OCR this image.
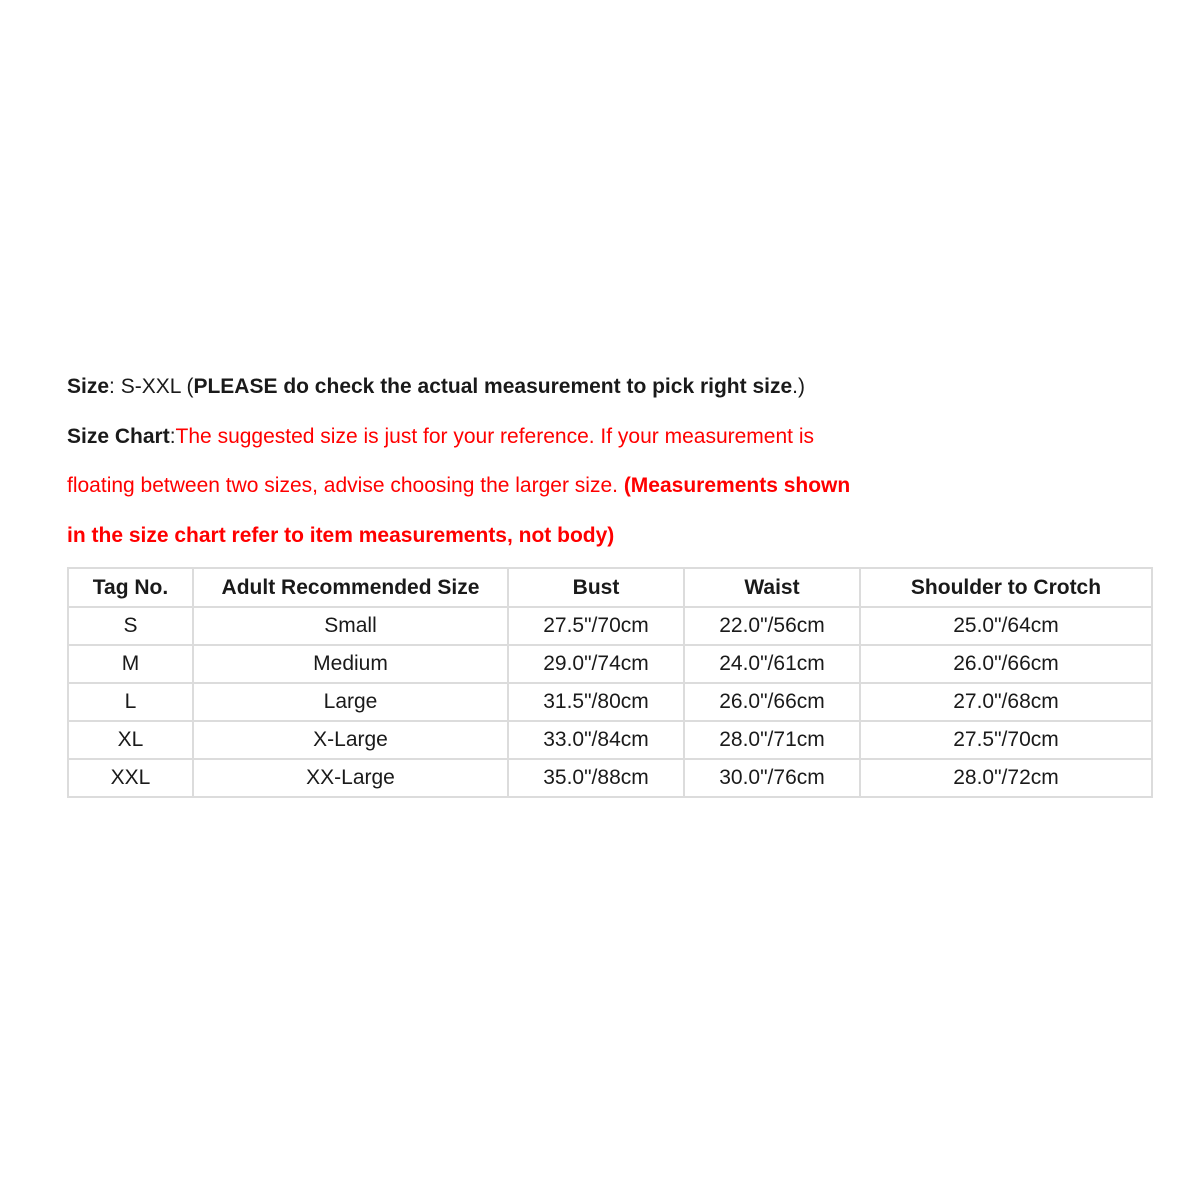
Size: S-XXL (PLEASE do check the actual measurement to pick right size.)
Size Chart:The suggested size is just for your reference. If your measurement is
floating between two sizes, advise choosing the larger size. (Measurements shown
in the size chart refer to item measurements, not body)
Tag No.	Adult Recommended Size	Bust	Waist	Shoulder to Crotch
S	Small	27.5"/70cm	22.0"/56cm	25.0"/64cm
M	Medium	29.0"/74cm	24.0"/61cm	26.0"/66cm
L	Large	31.5"/80cm	26.0"/66cm	27.0"/68cm
XL	X-Large	33.0"/84cm	28.0"/71cm	27.5"/70cm
XXL	XX-Large	35.0"/88cm	30.0"/76cm	28.0"/72cm
